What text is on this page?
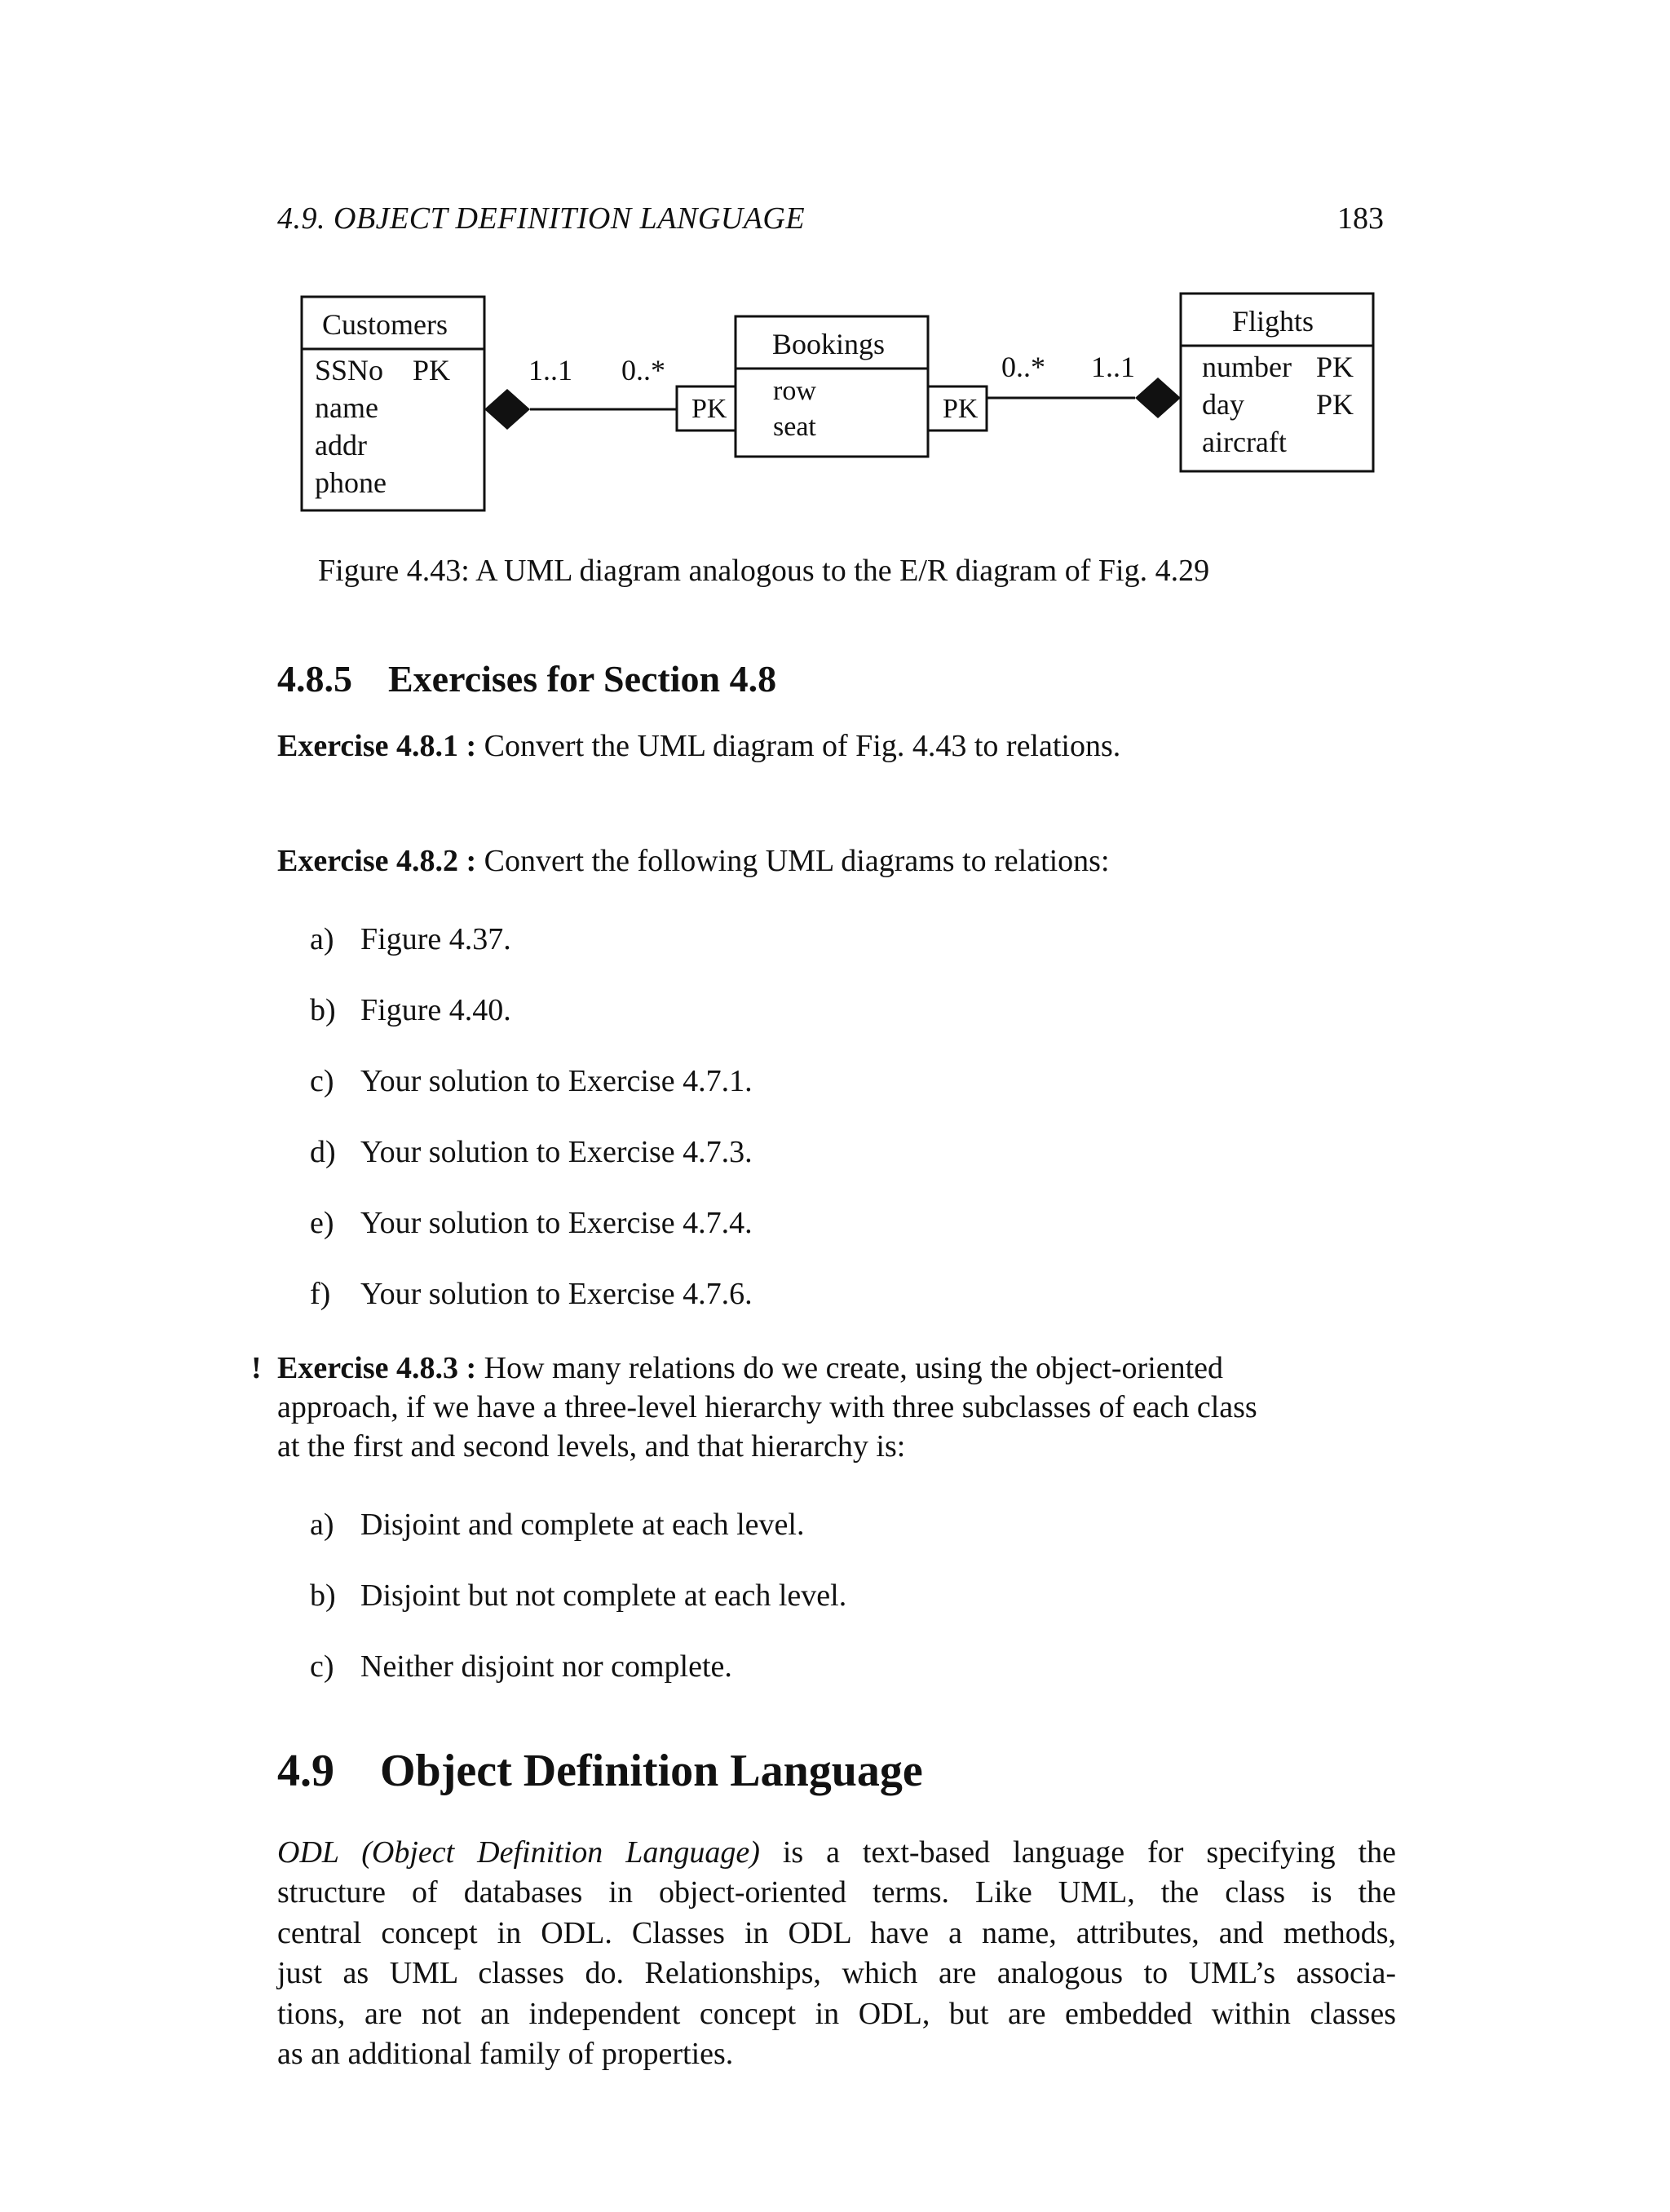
4.9. OBJECT DEFINITION LANGUAGE	183
Customers
SSNo PK
name
addr
phone
1..1 0..*
PK
Bookings
row
seat
PK
0..* 1..1
Flights
number PK
day PK
aircraft
Figure 4.43: A UML diagram analogous to the E/R diagram of Fig. 4.29
4.8.5 Exercises for Section 4.8
Exercise 4.8.1 : Convert the UML diagram of Fig. 4.43 to relations.
Exercise 4.8.2 : Convert the following UML diagrams to relations:
a) Figure 4.37.
b) Figure 4.40.
c) Your solution to Exercise 4.7.1.
d) Your solution to Exercise 4.7.3.
e) Your solution to Exercise 4.7.4.
f) Your solution to Exercise 4.7.6.
! Exercise 4.8.3 : How many relations do we create, using the object-oriented
approach, if we have a three-level hierarchy with three subclasses of each class
at the first and second levels, and that hierarchy is:
a) Disjoint and complete at each level.
b) Disjoint but not complete at each level.
c) Neither disjoint nor complete.
4.9 Object Definition Language
ODL (Object Definition Language) is a text-based language for specifying the
structure of databases in object-oriented terms. Like UML, the class is the
central concept in ODL. Classes in ODL have a name, attributes, and methods,
just as UML classes do. Relationships, which are analogous to UML’s associa-
tions, are not an independent concept in ODL, but are embedded within classes
as an additional family of properties.
